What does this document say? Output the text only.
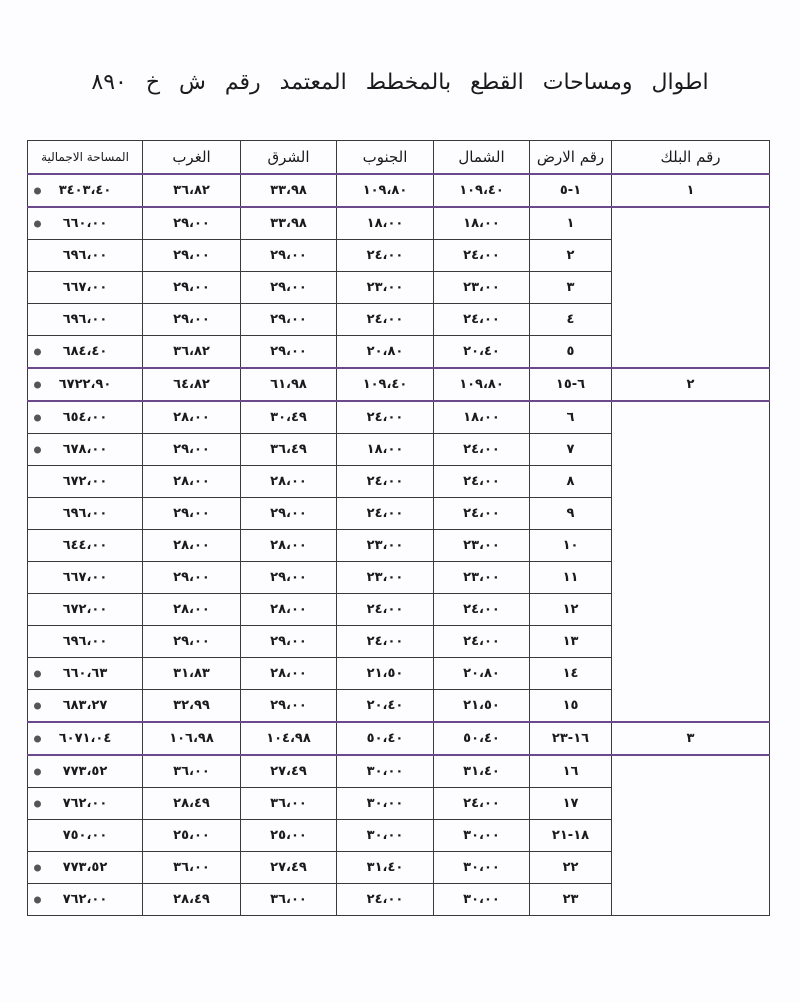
اطوال ومساحات القطع بالمخطط المعتمد رقم ش خ ٨٩٠
رقم البلك	رقم الارض	الشمال	الجنوب	الشرق	الغرب	المساحة الاجمالية
١	١-٥	١٠٩،٤٠	١٠٩،٨٠	٣٣،٩٨	٣٦،٨٢	٣٤٠٣،٤٠

	١	١٨،٠٠	١٨،٠٠	٣٣،٩٨	٢٩،٠٠	٦٦٠،٠٠

	٢	٢٤،٠٠	٢٤،٠٠	٢٩،٠٠	٢٩،٠٠	٦٩٦،٠٠
	٣	٢٣،٠٠	٢٣،٠٠	٢٩،٠٠	٢٩،٠٠	٦٦٧،٠٠
	٤	٢٤،٠٠	٢٤،٠٠	٢٩،٠٠	٢٩،٠٠	٦٩٦،٠٠
	٥	٢٠،٤٠	٢٠،٨٠	٢٩،٠٠	٣٦،٨٢	٦٨٤،٤٠

٢	٦-١٥	١٠٩،٨٠	١٠٩،٤٠	٦١،٩٨	٦٤،٨٢	٦٧٢٢،٩٠

	٦	١٨،٠٠	٢٤،٠٠	٣٠،٤٩	٢٨،٠٠	٦٥٤،٠٠

	٧	٢٤،٠٠	١٨،٠٠	٣٦،٤٩	٢٩،٠٠	٦٧٨،٠٠

	٨	٢٤،٠٠	٢٤،٠٠	٢٨،٠٠	٢٨،٠٠	٦٧٢،٠٠
	٩	٢٤،٠٠	٢٤،٠٠	٢٩،٠٠	٢٩،٠٠	٦٩٦،٠٠
	١٠	٢٣،٠٠	٢٣،٠٠	٢٨،٠٠	٢٨،٠٠	٦٤٤،٠٠
	١١	٢٣،٠٠	٢٣،٠٠	٢٩،٠٠	٢٩،٠٠	٦٦٧،٠٠
	١٢	٢٤،٠٠	٢٤،٠٠	٢٨،٠٠	٢٨،٠٠	٦٧٢،٠٠
	١٣	٢٤،٠٠	٢٤،٠٠	٢٩،٠٠	٢٩،٠٠	٦٩٦،٠٠
	١٤	٢٠،٨٠	٢١،٥٠	٢٨،٠٠	٣١،٨٣	٦٦٠،٦٣

	١٥	٢١،٥٠	٢٠،٤٠	٢٩،٠٠	٣٢،٩٩	٦٨٣،٢٧

٣	١٦-٢٣	٥٠،٤٠	٥٠،٤٠	١٠٤،٩٨	١٠٦،٩٨	٦٠٧١،٠٤

	١٦	٣١،٤٠	٣٠،٠٠	٢٧،٤٩	٣٦،٠٠	٧٧٣،٥٢

	١٧	٢٤،٠٠	٣٠،٠٠	٣٦،٠٠	٢٨،٤٩	٧٦٢،٠٠

	١٨-٢١	٣٠،٠٠	٣٠،٠٠	٢٥،٠٠	٢٥،٠٠	٧٥٠،٠٠
	٢٢	٣٠،٠٠	٣١،٤٠	٢٧،٤٩	٣٦،٠٠	٧٧٣،٥٢

	٢٣	٣٠،٠٠	٢٤،٠٠	٣٦،٠٠	٢٨،٤٩	٧٦٢،٠٠
